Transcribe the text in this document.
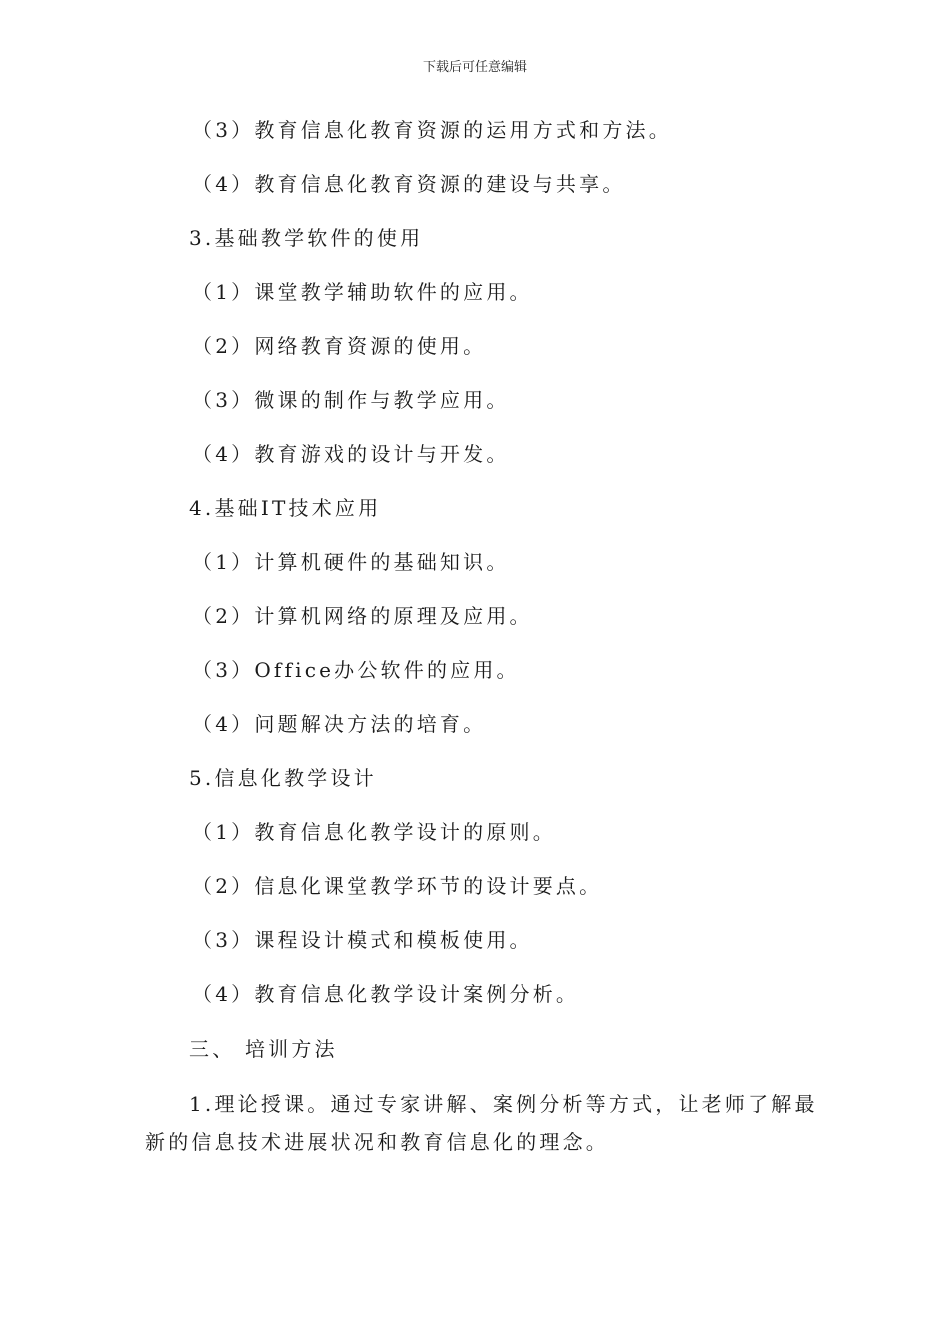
下载后可任意编辑
（3）教育信息化教育资源的运用方式和方法。
（4）教育信息化教育资源的建设与共享。
3.基础教学软件的使用
（1）课堂教学辅助软件的应用。
（2）网络教育资源的使用。
（3）微课的制作与教学应用。
（4）教育游戏的设计与开发。
4.基础IT技术应用
（1）计算机硬件的基础知识。
（2）计算机网络的原理及应用。
（3）Office办公软件的应用。
（4）问题解决方法的培育。
5.信息化教学设计
（1）教育信息化教学设计的原则。
（2）信息化课堂教学环节的设计要点。
（3）课程设计模式和模板使用。
（4）教育信息化教学设计案例分析。
三、 培训方法
1.理论授课。通过专家讲解、案例分析等方式，让老师了解最
新的信息技术进展状况和教育信息化的理念。
